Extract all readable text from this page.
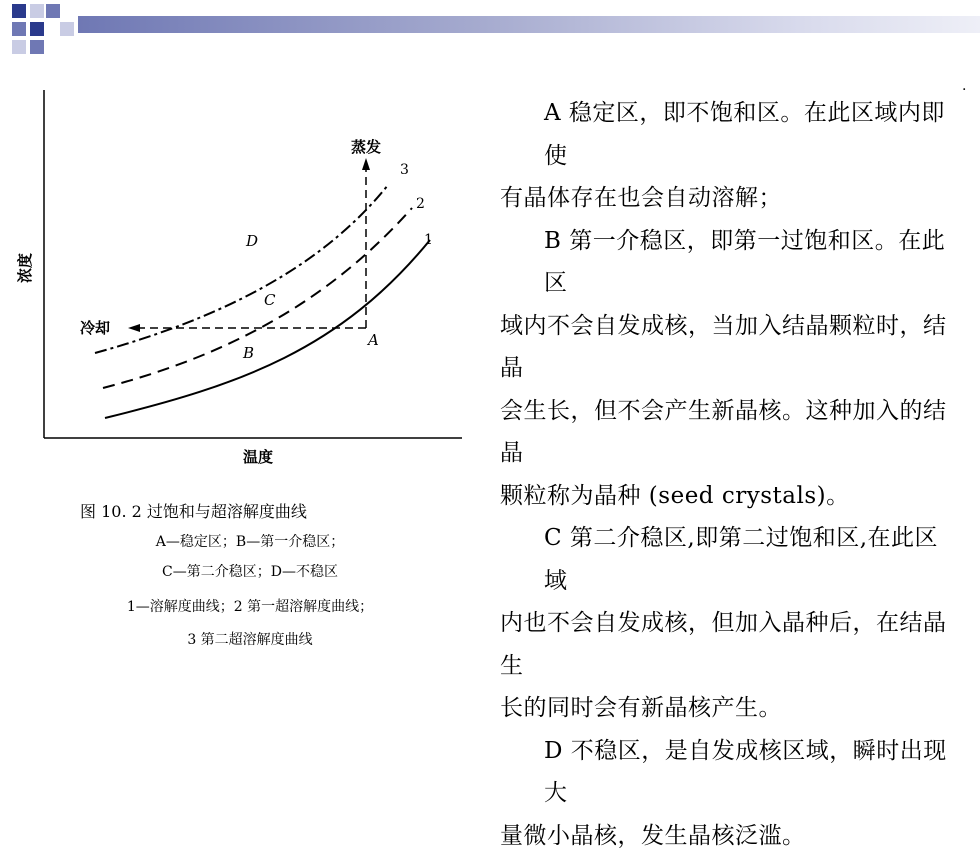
浓度
温度
蒸发
冷却
A
B
C
D	1
2
3
图 10. 2 过饱和与超溶解度曲线
A—稳定区；B—第一介稳区；
C—第二介稳区；D—不稳区
1—溶解度曲线；2 第一超溶解度曲线；
3 第二超溶解度曲线
·

A 稳定区，即不饱和区。在此区域内即使

有晶体存在也会自动溶解；

B 第一介稳区，即第一过饱和区。在此区

域内不会自发成核，当加入结晶颗粒时，结晶

会生长，但不会产生新晶核。这种加入的结晶

颗粒称为晶种 (seed crystals)。

C 第二介稳区,即第二过饱和区,在此区域

内也不会自发成核，但加入晶种后，在结晶生

长的同时会有新晶核产生。

D 不稳区，是自发成核区域，瞬时出现大

量微小晶核，发生晶核泛滥。
